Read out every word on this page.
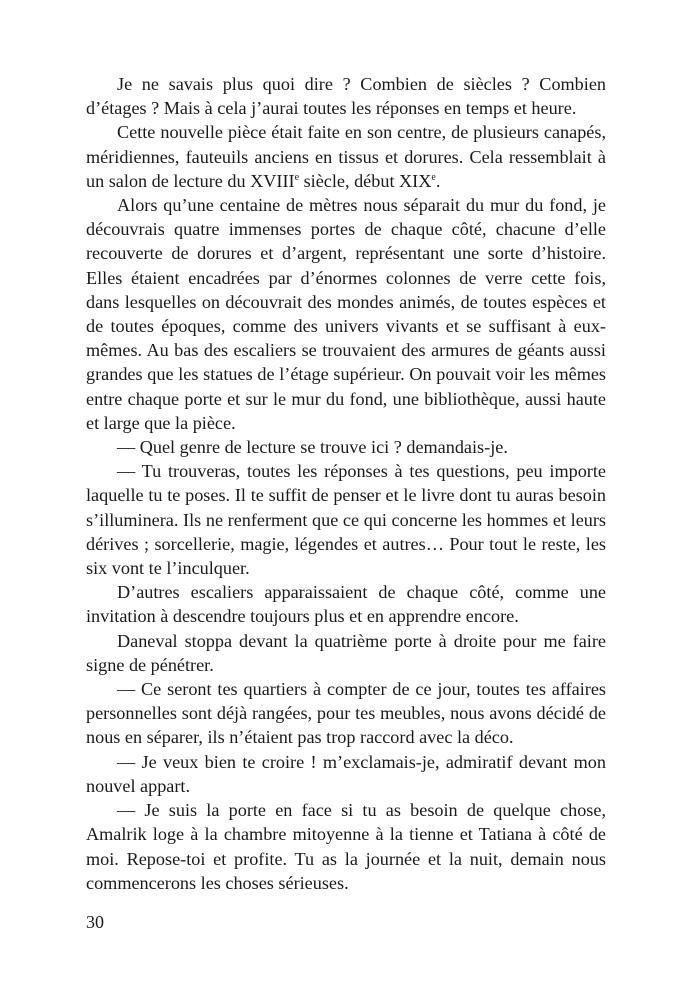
Je ne savais plus quoi dire ? Combien de siècles ? Combien d’étages ? Mais à cela j’aurai toutes les réponses en temps et heure.

Cette nouvelle pièce était faite en son centre, de plusieurs canapés, méridiennes, fauteuils anciens en tissus et dorures. Cela ressemblait à un salon de lecture du XVIIIe siècle, début XIXe.

Alors qu’une centaine de mètres nous séparait du mur du fond, je découvrais quatre immenses portes de chaque côté, chacune d’elle recouverte de dorures et d’argent, représentant une sorte d’histoire. Elles étaient encadrées par d’énormes colonnes de verre cette fois, dans lesquelles on découvrait des mondes animés, de toutes espèces et de toutes époques, comme des univers vivants et se suffisant à eux-mêmes. Au bas des escaliers se trouvaient des armures de géants aussi grandes que les statues de l’étage supérieur. On pouvait voir les mêmes entre chaque porte et sur le mur du fond, une bibliothèque, aussi haute et large que la pièce.

— Quel genre de lecture se trouve ici ? demandais-je.

— Tu trouveras, toutes les réponses à tes questions, peu importe laquelle tu te poses. Il te suffit de penser et le livre dont tu auras besoin s’illuminera. Ils ne renferment que ce qui concerne les hommes et leurs dérives ; sorcellerie, magie, légendes et autres… Pour tout le reste, les six vont te l’inculquer.

D’autres escaliers apparaissaient de chaque côté, comme une invitation à descendre toujours plus et en apprendre encore.

Daneval stoppa devant la quatrième porte à droite pour me faire signe de pénétrer.

— Ce seront tes quartiers à compter de ce jour, toutes tes affaires personnelles sont déjà rangées, pour tes meubles, nous avons décidé de nous en séparer, ils n’étaient pas trop raccord avec la déco.

— Je veux bien te croire ! m’exclamais-je, admiratif devant mon nouvel appart.

— Je suis la porte en face si tu as besoin de quelque chose, Amalrik loge à la chambre mitoyenne à la tienne et Tatiana à côté de moi. Repose-toi et profite. Tu as la journée et la nuit, demain nous commencerons les choses sérieuses.

30
